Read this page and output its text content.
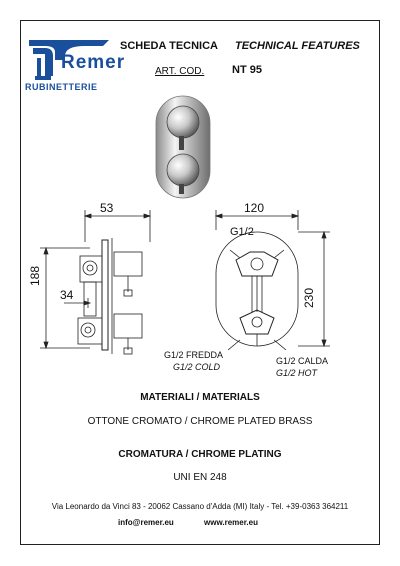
Remer
RUBINETTERIE
SCHEDA TECNICA TECHNICAL FEATURES
ART. COD.	NT 95
53
188
34
120
G1/2
230
G1/2 FREDDA
G1/2 COLD
G1/2 CALDA
G1/2 HOT
MATERIALI / MATERIALS
OTTONE CROMATO / CHROME PLATED BRASS
CROMATURA / CHROME PLATING
UNI EN 248
Via Leonardo da Vinci 83 - 20062 Cassano d'Adda (MI) Italy - Tel. +39-0363 364211
info@remer.eu	www.remer.eu
